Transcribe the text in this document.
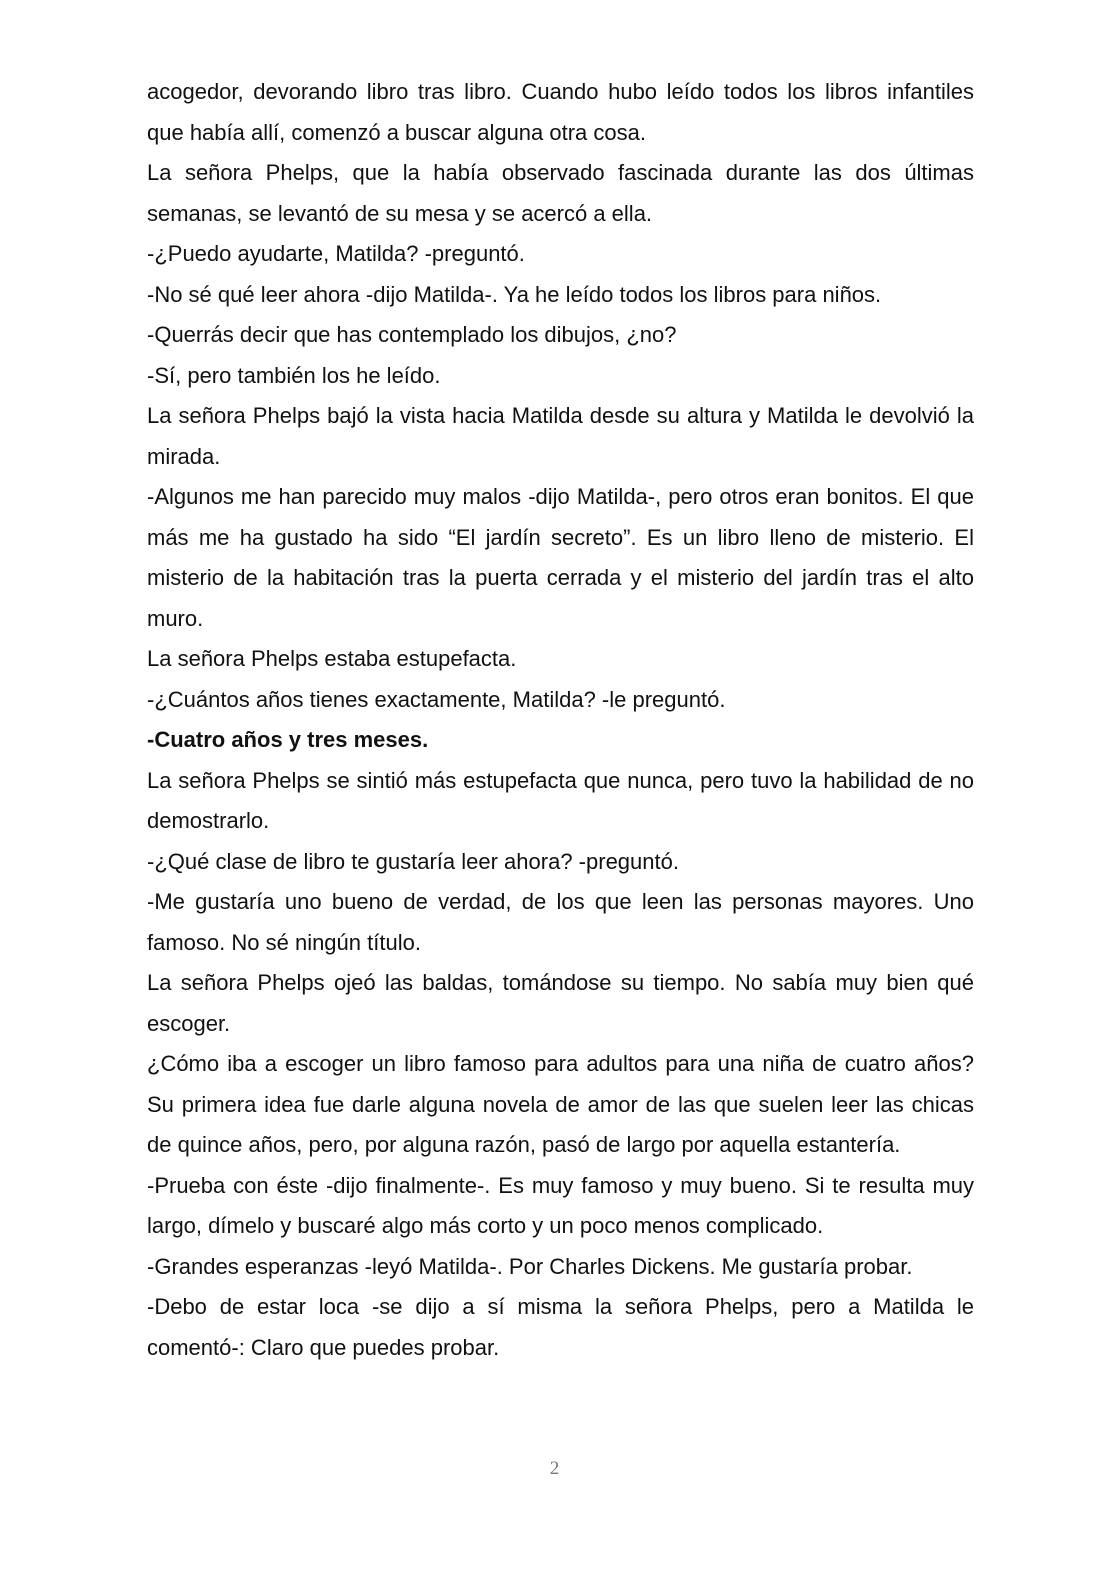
acogedor, devorando libro tras libro. Cuando hubo leído todos los libros infantiles que había allí, comenzó a buscar alguna otra cosa.

La señora Phelps, que la había observado fascinada durante las dos últimas semanas, se levantó de su mesa y se acercó a ella.

-¿Puedo ayudarte, Matilda? -preguntó.

-No sé qué leer ahora -dijo Matilda-. Ya he leído todos los libros para niños.

-Querrás decir que has contemplado los dibujos, ¿no?

-Sí, pero también los he leído.

La señora Phelps bajó la vista hacia Matilda desde su altura y Matilda le devolvió la mirada.

-Algunos me han parecido muy malos -dijo Matilda-, pero otros eran bonitos. El que más me ha gustado ha sido “El jardín secreto”. Es un libro lleno de misterio. El misterio de la habitación tras la puerta cerrada y el misterio del jardín tras el alto muro.

La señora Phelps estaba estupefacta.

-¿Cuántos años tienes exactamente, Matilda? -le preguntó.

-Cuatro años y tres meses.

La señora Phelps se sintió más estupefacta que nunca, pero tuvo la habilidad de no demostrarlo.

-¿Qué clase de libro te gustaría leer ahora? -preguntó.

-Me gustaría uno bueno de verdad, de los que leen las personas mayores. Uno famoso. No sé ningún título.

La señora Phelps ojeó las baldas, tomándose su tiempo. No sabía muy bien qué escoger.

¿Cómo iba a escoger un libro famoso para adultos para una niña de cuatro años? Su primera idea fue darle alguna novela de amor de las que suelen leer las chicas de quince años, pero, por alguna razón, pasó de largo por aquella estantería.

-Prueba con éste -dijo finalmente-. Es muy famoso y muy bueno. Si te resulta muy largo, dímelo y buscaré algo más corto y un poco menos complicado.

-Grandes esperanzas -leyó Matilda-. Por Charles Dickens. Me gustaría probar.

-Debo de estar loca -se dijo a sí misma la señora Phelps, pero a Matilda le comentó-: Claro que puedes probar.

2
